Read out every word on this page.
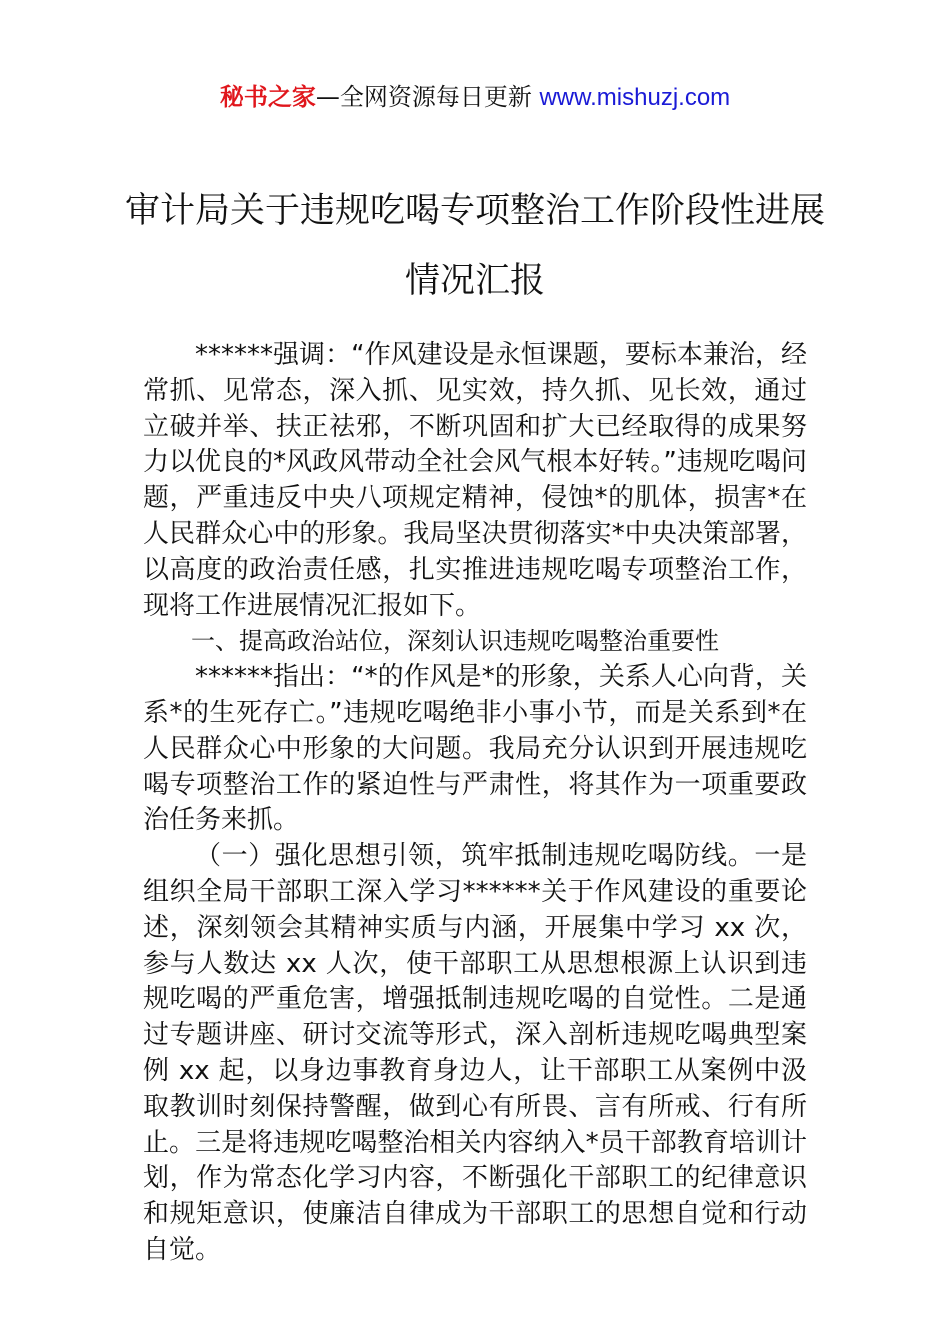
秘书之家—全网资源每日更新 www.mishuzj.com
审计局关于违规吃喝专项整治工作阶段性进展情况汇报

******强调：“作风建设是永恒课题，要标本兼治，经常抓、见常态，深入抓、见实效，持久抓、见长效，通过立破并举、扶正祛邪，不断巩固和扩大已经取得的成果努力以优良的*风政风带动全社会风气根本好转。”违规吃喝问题，严重违反中央八项规定精神，侵蚀*的肌体，损害*在人民群众心中的形象。我局坚决贯彻落实*中央决策部署，以高度的政治责任感，扎实推进违规吃喝专项整治工作，现将工作进展情况汇报如下。

一、提高政治站位，深刻认识违规吃喝整治重要性

******指出：“*的作风是*的形象，关系人心向背，关系*的生死存亡。”违规吃喝绝非小事小节，而是关系到*在人民群众心中形象的大问题。我局充分认识到开展违规吃喝专项整治工作的紧迫性与严肃性，将其作为一项重要政治任务来抓。

（一）强化思想引领，筑牢抵制违规吃喝防线。一是组织全局干部职工深入学习******关于作风建设的重要论述，深刻领会其精神实质与内涵，开展集中学习 xx 次，参与人数达 xx 人次，使干部职工从思想根源上认识到违规吃喝的严重危害，增强抵制违规吃喝的自觉性。二是通过专题讲座、研讨交流等形式，深入剖析违规吃喝典型案例 xx 起，以身边事教育身边人，让干部职工从案例中汲取教训时刻保持警醒，做到心有所畏、言有所戒、行有所止。三是将违规吃喝整治相关内容纳入*员干部教育培训计划，作为常态化学习内容，不断强化干部职工的纪律意识和规矩意识，使廉洁自律成为干部职工的思想自觉和行动自觉。
